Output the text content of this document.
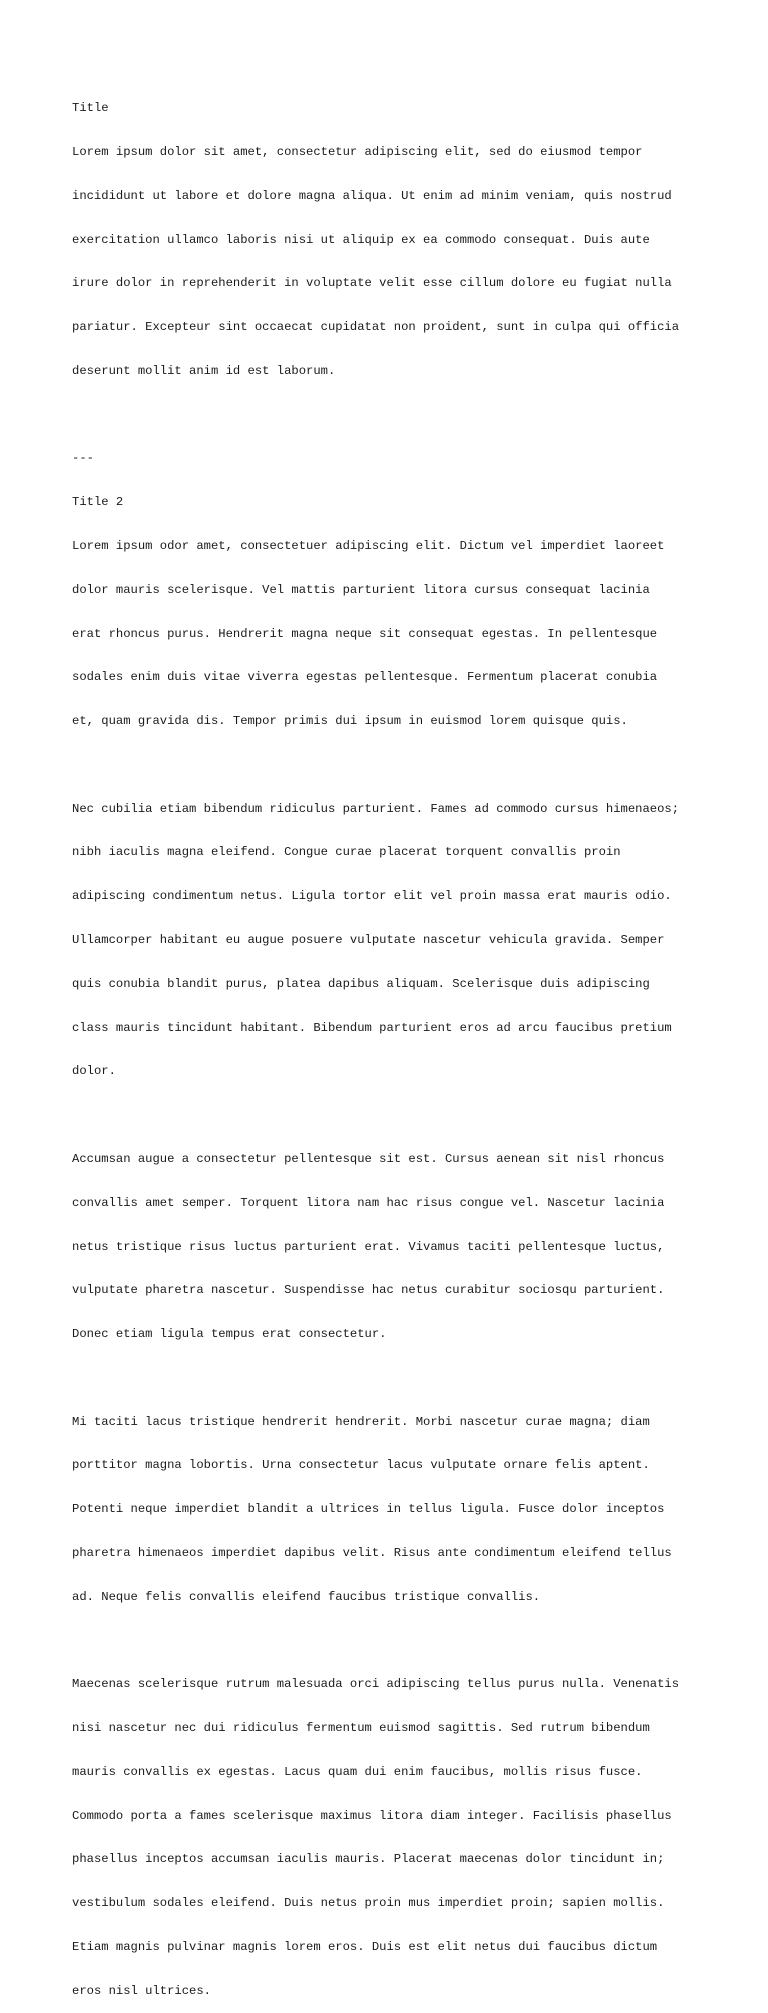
Title

Lorem ipsum dolor sit amet, consectetur adipiscing elit, sed do eiusmod tempor

incididunt ut labore et dolore magna aliqua. Ut enim ad minim veniam, quis nostrud

exercitation ullamco laboris nisi ut aliquip ex ea commodo consequat. Duis aute

irure dolor in reprehenderit in voluptate velit esse cillum dolore eu fugiat nulla

pariatur. Excepteur sint occaecat cupidatat non proident, sunt in culpa qui officia

deserunt mollit anim id est laborum.

---

Title 2

Lorem ipsum odor amet, consectetuer adipiscing elit. Dictum vel imperdiet laoreet

dolor mauris scelerisque. Vel mattis parturient litora cursus consequat lacinia

erat rhoncus purus. Hendrerit magna neque sit consequat egestas. In pellentesque

sodales enim duis vitae viverra egestas pellentesque. Fermentum placerat conubia

et, quam gravida dis. Tempor primis dui ipsum in euismod lorem quisque quis.

Nec cubilia etiam bibendum ridiculus parturient. Fames ad commodo cursus himenaeos;

nibh iaculis magna eleifend. Congue curae placerat torquent convallis proin

adipiscing condimentum netus. Ligula tortor elit vel proin massa erat mauris odio.

Ullamcorper habitant eu augue posuere vulputate nascetur vehicula gravida. Semper

quis conubia blandit purus, platea dapibus aliquam. Scelerisque duis adipiscing

class mauris tincidunt habitant. Bibendum parturient eros ad arcu faucibus pretium

dolor.

Accumsan augue a consectetur pellentesque sit est. Cursus aenean sit nisl rhoncus

convallis amet semper. Torquent litora nam hac risus congue vel. Nascetur lacinia

netus tristique risus luctus parturient erat. Vivamus taciti pellentesque luctus,

vulputate pharetra nascetur. Suspendisse hac netus curabitur sociosqu parturient.

Donec etiam ligula tempus erat consectetur.

Mi taciti lacus tristique hendrerit hendrerit. Morbi nascetur curae magna; diam

porttitor magna lobortis. Urna consectetur lacus vulputate ornare felis aptent.

Potenti neque imperdiet blandit a ultrices in tellus ligula. Fusce dolor inceptos

pharetra himenaeos imperdiet dapibus velit. Risus ante condimentum eleifend tellus

ad. Neque felis convallis eleifend faucibus tristique convallis.

Maecenas scelerisque rutrum malesuada orci adipiscing tellus purus nulla. Venenatis

nisi nascetur nec dui ridiculus fermentum euismod sagittis. Sed rutrum bibendum

mauris convallis ex egestas. Lacus quam dui enim faucibus, mollis risus fusce.

Commodo porta a fames scelerisque maximus litora diam integer. Facilisis phasellus

phasellus inceptos accumsan iaculis mauris. Placerat maecenas dolor tincidunt in;

vestibulum sodales eleifend. Duis netus proin mus imperdiet proin; sapien mollis.

Etiam magnis pulvinar magnis lorem eros. Duis est elit netus dui faucibus dictum

eros nisl ultrices.
